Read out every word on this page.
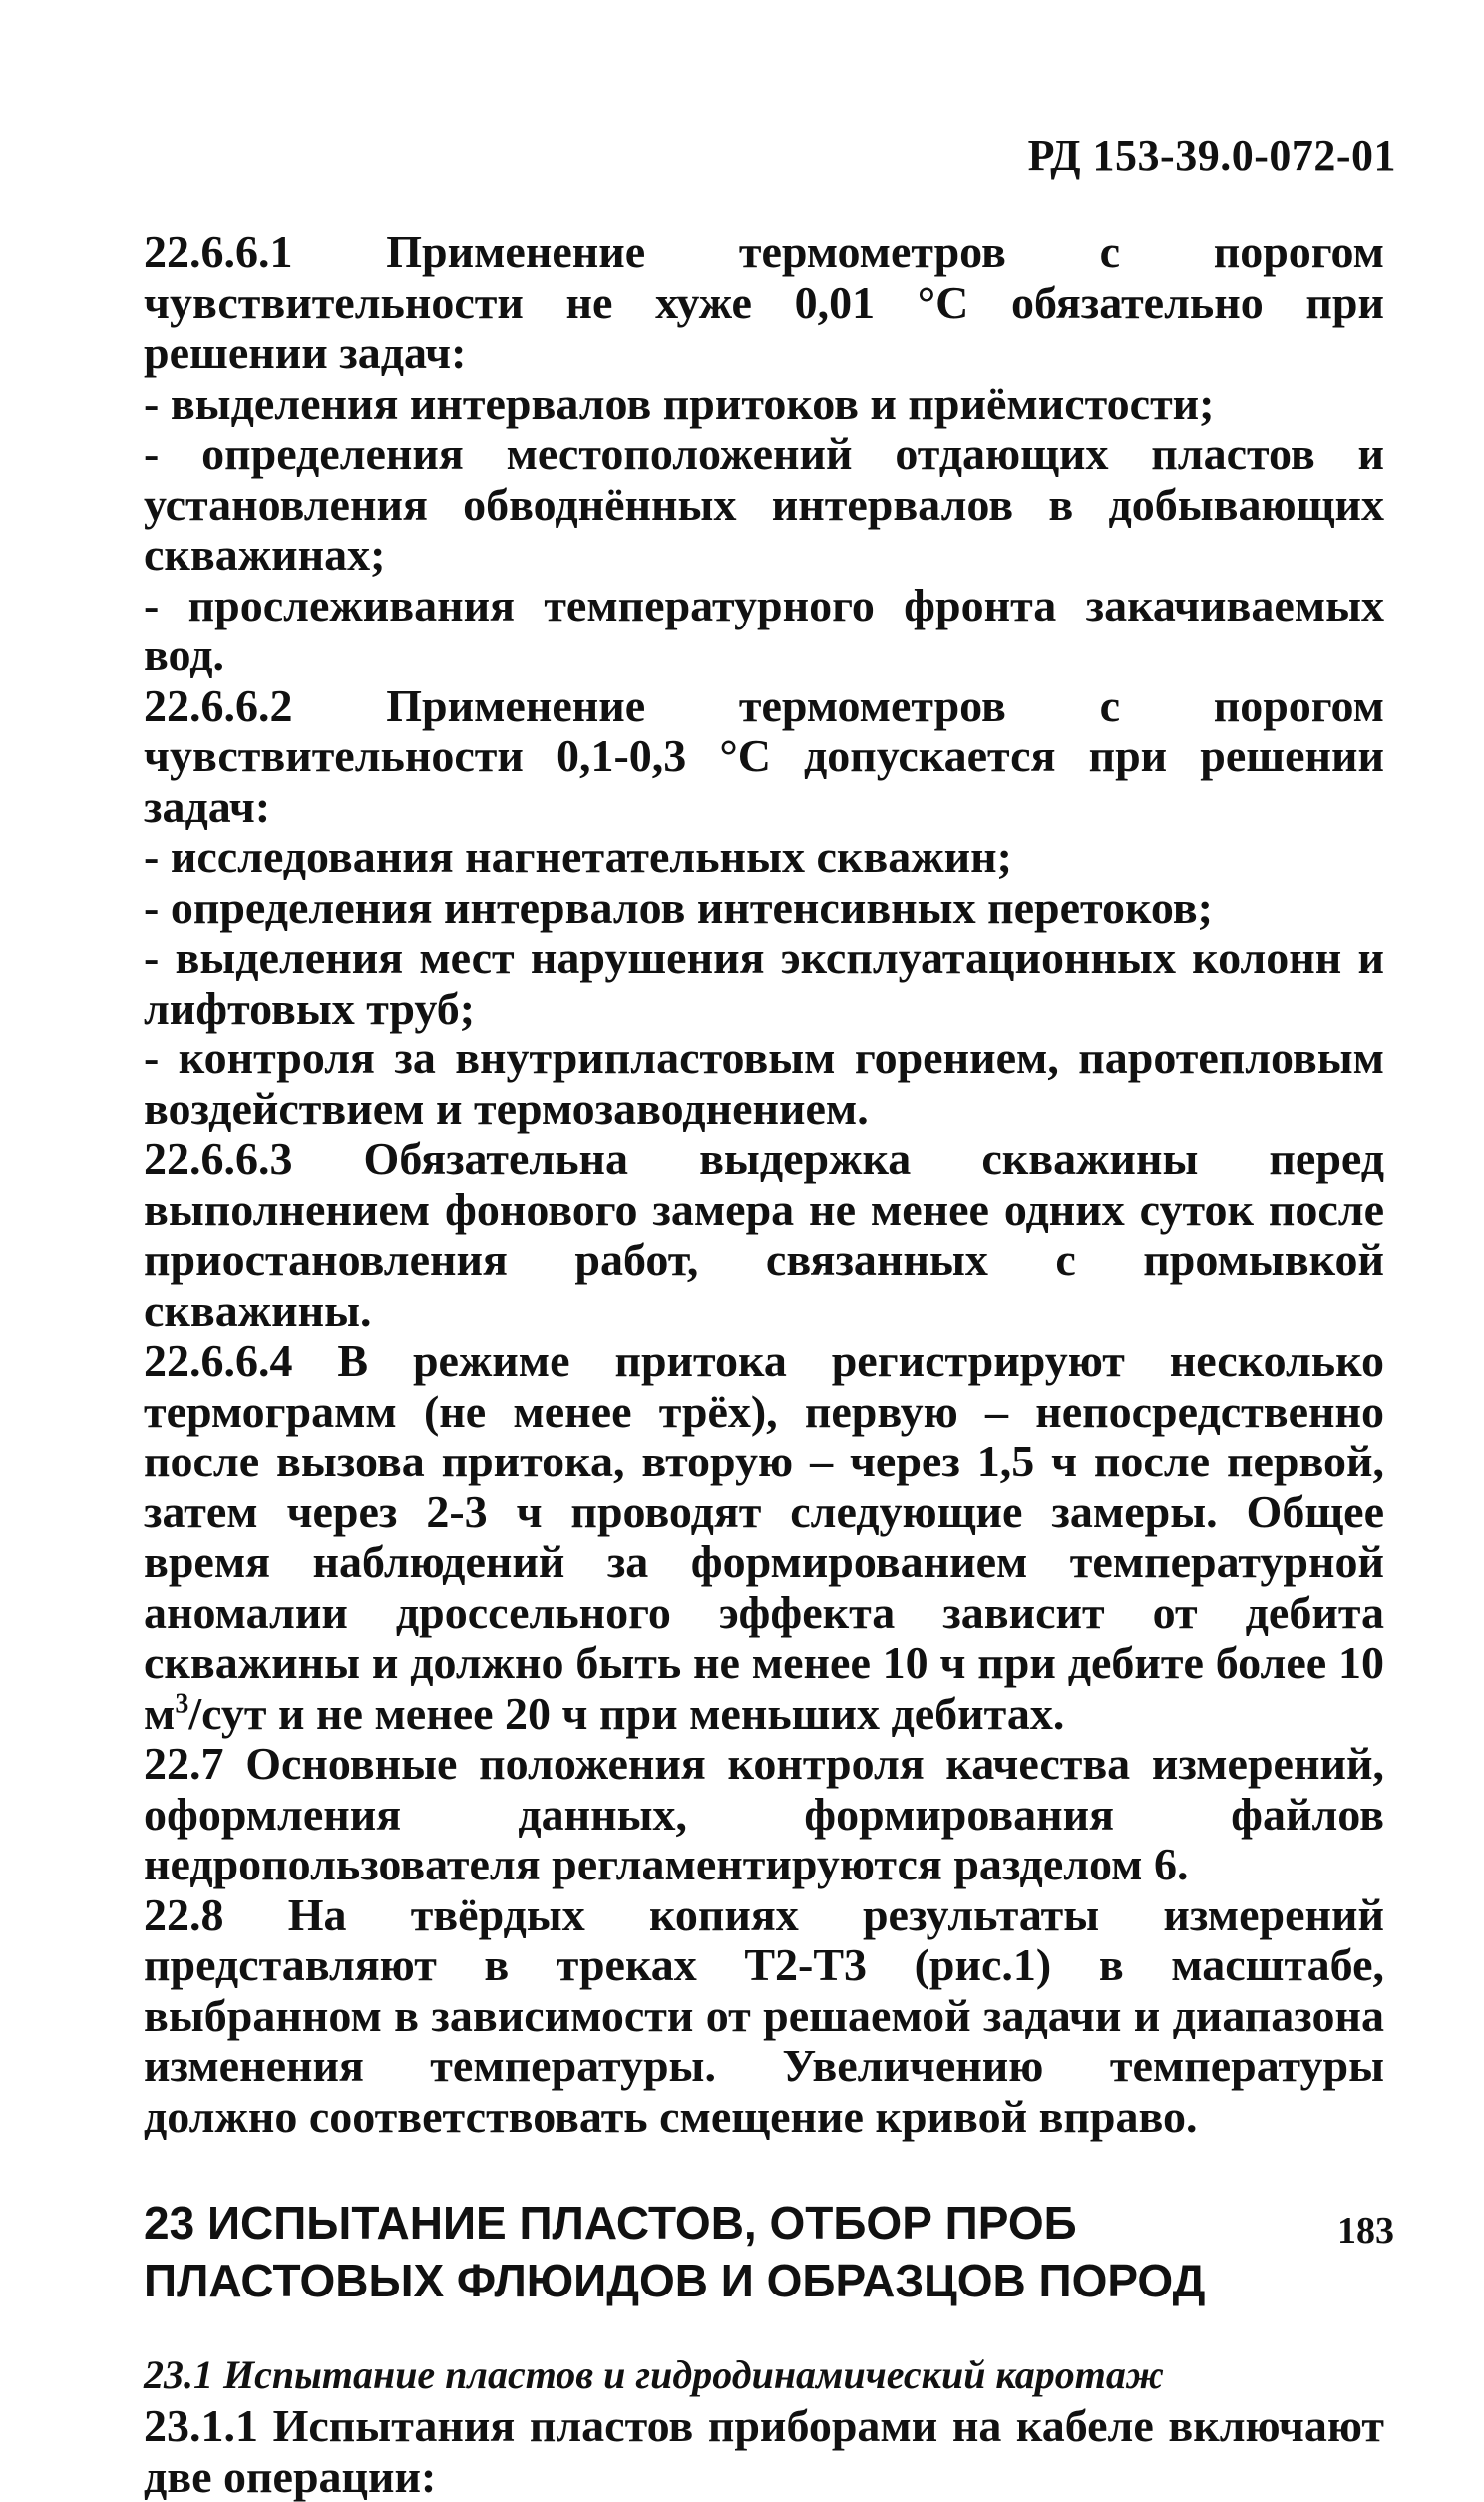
РД 153-39.0-072-01

22.6.6.1 Применение термометров с порогом чувствительности не хуже 0,01 °С обязательно при решении задач:

- выделения интервалов притоков и приёмистости;

- определения местоположений отдающих пластов и установления обводнённых интервалов в добывающих скважинах;

- прослеживания температурного фронта закачиваемых вод.

22.6.6.2 Применение термометров с порогом чувствительности 0,1-0,3 °С допускается при решении задач:

- исследования нагнетательных скважин;

- определения интервалов интенсивных перетоков;

- выделения мест нарушения эксплуатационных колонн и лифтовых труб;

- контроля за внутрипластовым горением, паротепловым воздействием и термозаводнением.

22.6.6.3 Обязательна выдержка скважины перед выполнением фонового замера не менее одних суток после приостановления работ, связанных с промывкой скважины.

22.6.6.4 В режиме притока регистрируют несколько термограмм (не менее трёх), первую – непосредственно после вызова притока, вторую – через 1,5 ч после первой, затем через 2-3 ч проводят следующие замеры. Общее время наблюдений за формированием температурной аномалии дроссельного эффекта зависит от дебита скважины и должно быть не менее 10 ч при дебите более 10 $м^3$/сут и не менее 20 ч при меньших дебитах.

22.7 Основные положения контроля качества измерений, оформления данных, формирования файлов недропользователя регламентируются разделом 6.

22.8 На твёрдых копиях результаты измерений представляют в треках Т2-Т3 (рис.1) в масштабе, выбранном в зависимости от решаемой задачи и диапазона изменения температуры. Увеличению температуры должно соответствовать смещение кривой вправо.

23 ИСПЫТАНИЕ ПЛАСТОВ, ОТБОР ПРОБ
ПЛАСТОВЫХ ФЛЮИДОВ И ОБРАЗЦОВ ПОРОД
23.1 Испытание пластов и гидродинамический каротаж

23.1.1 Испытания пластов приборами на кабеле включают две операции:

183
